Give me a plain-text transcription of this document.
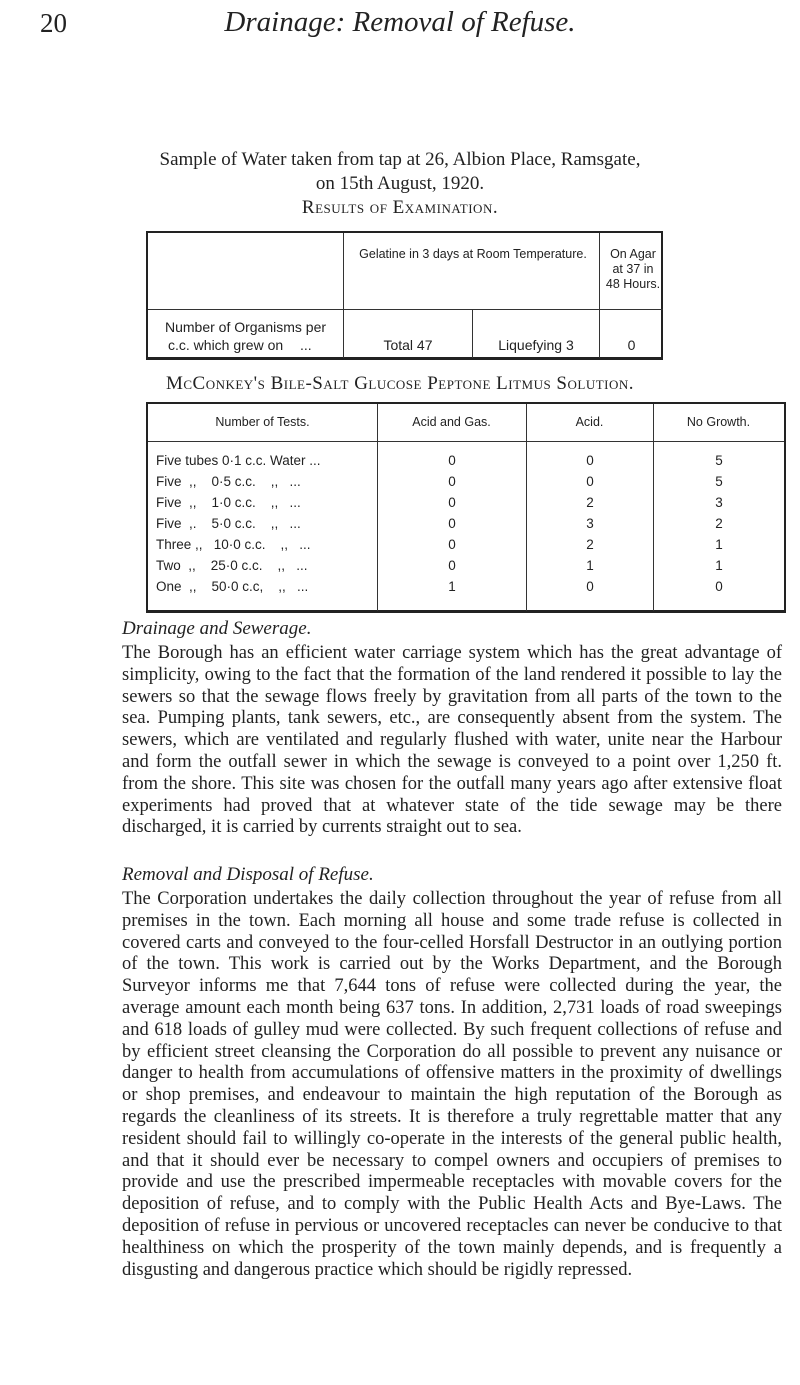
20	Drainage: Removal of Refuse.
Sample of Water taken from tap at 26, Albion Place, Ramsgate,
on 15th August, 1920.
Results of Examination.
Gelatine in 3 days at Room Temperature.	On Agar at 37 in 48 Hours.
Number of Organisms per
c.c. which grew on ...	Total 47	Liquefying 3	0
McConkey's Bile-Salt Glucose Peptone Litmus Solution.
Number of Tests.	Acid and Gas.	Acid.	No Growth.
Five tubes 0·1 c.c. Water ...	0	0	5
Five  ,,    0·5 c.c.    ,,   ...	0	0	5
Five  ,,    1·0 c.c.    ,,   ...	0	2	3
Five  ,.    5·0 c.c.    ,,   ...	0	3	2
Three ,,   10·0 c.c.    ,,   ...	0	2	1
Two  ,,    25·0 c.c.    ,,   ...	0	1	1
One  ,,    50·0 c.c,    ,,   ...	1	0	0
Drainage and Sewerage.

The Borough has an efficient water carriage system which has the great advantage of simplicity, owing to the fact that the formation of the land rendered it possible to lay the sewers so that the sewage flows freely by gravitation from all parts of the town to the sea. Pumping plants, tank sewers, etc., are consequently absent from the system. The sewers, which are ventilated and regularly flushed with water, unite near the Harbour and form the outfall sewer in which the sewage is conveyed to a point over 1,250 ft. from the shore. This site was chosen for the outfall many years ago after extensive float experiments had proved that at whatever state of the tide sewage may be there discharged, it is carried by currents straight out to sea.

Removal and Disposal of Refuse.

The Corporation undertakes the daily collection throughout the year of refuse from all premises in the town. Each morning all house and some trade refuse is collected in covered carts and conveyed to the four-celled Horsfall Destructor in an outlying portion of the town. This work is carried out by the Works Department, and the Borough Surveyor informs me that 7,644 tons of refuse were collected during the year, the average amount each month being 637 tons. In addition, 2,731 loads of road sweepings and 618 loads of gulley mud were collected. By such frequent collections of refuse and by efficient street cleansing the Corporation do all possible to prevent any nuisance or danger to health from accumulations of offensive matters in the proximity of dwellings or shop premises, and endeavour to maintain the high reputation of the Borough as regards the cleanliness of its streets. It is therefore a truly regrettable matter that any resident should fail to willingly co-operate in the interests of the general public health, and that it should ever be necessary to compel owners and occupiers of premises to provide and use the prescribed impermeable receptacles with movable covers for the deposition of refuse, and to comply with the Public Health Acts and Bye-Laws. The deposition of refuse in pervious or uncovered receptacles can never be conducive to that healthiness on which the prosperity of the town mainly depends, and is frequently a disgusting and dangerous practice which should be rigidly repressed.
